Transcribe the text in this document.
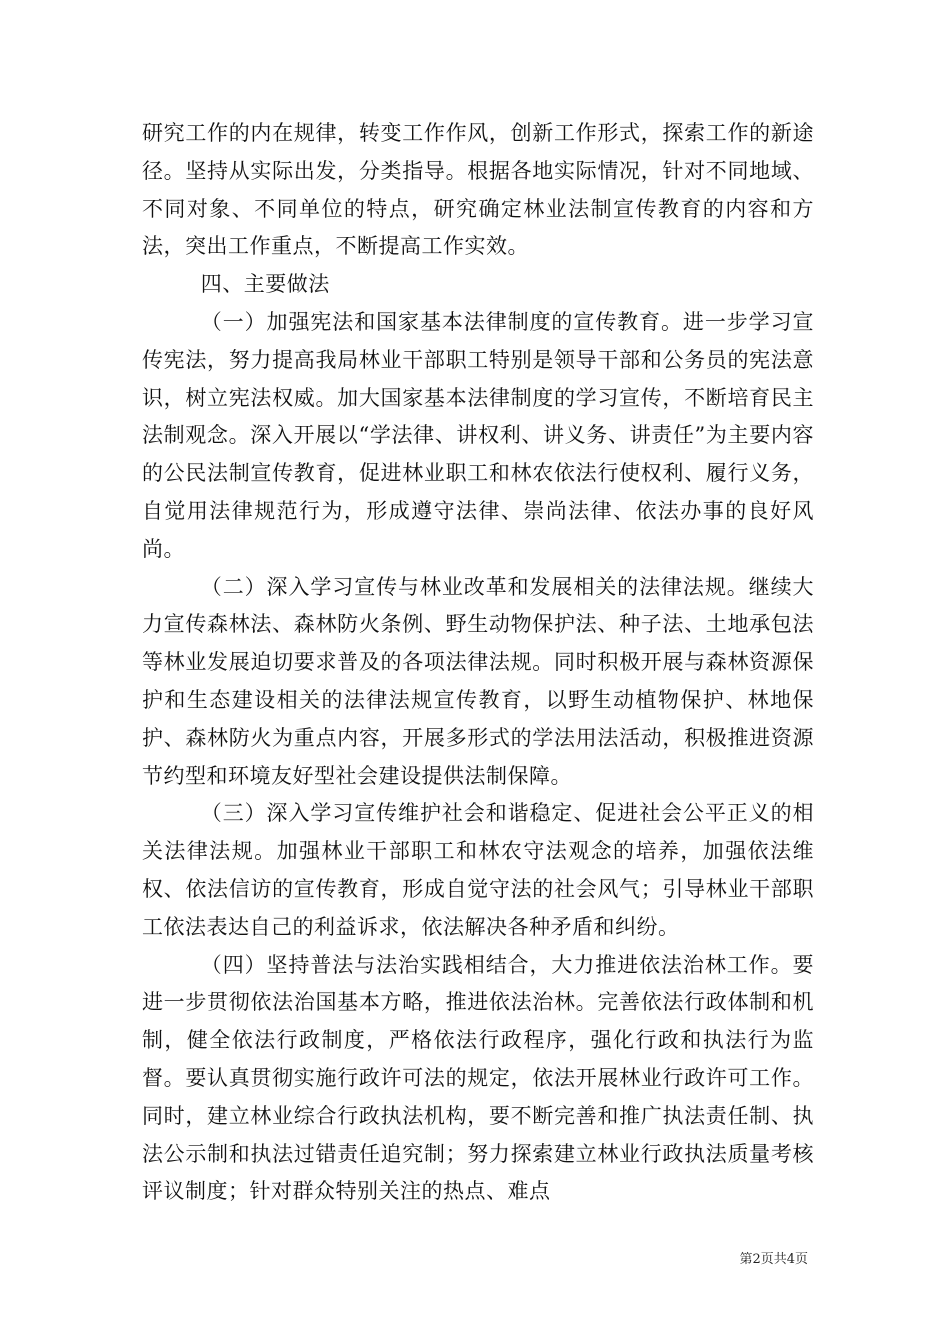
研究工作的内在规律，转变工作作风，创新工作形式，探索工作的新途径。坚持从实际出发，分类指导。根据各地实际情况，针对不同地域、不同对象、不同单位的特点，研究确定林业法制宣传教育的内容和方法，突出工作重点，不断提高工作实效。

四、主要做法

（一）加强宪法和国家基本法律制度的宣传教育。进一步学习宣传宪法，努力提高我局林业干部职工特别是领导干部和公务员的宪法意识，树立宪法权威。加大国家基本法律制度的学习宣传，不断培育民主法制观念。深入开展以“学法律、讲权利、讲义务、讲责任”为主要内容的公民法制宣传教育，促进林业职工和林农依法行使权利、履行义务，自觉用法律规范行为，形成遵守法律、崇尚法律、依法办事的良好风尚。

（二）深入学习宣传与林业改革和发展相关的法律法规。继续大力宣传森林法、森林防火条例、野生动物保护法、种子法、土地承包法等林业发展迫切要求普及的各项法律法规。同时积极开展与森林资源保护和生态建设相关的法律法规宣传教育，以野生动植物保护、林地保护、森林防火为重点内容，开展多形式的学法用法活动，积极推进资源节约型和环境友好型社会建设提供法制保障。

（三）深入学习宣传维护社会和谐稳定、促进社会公平正义的相关法律法规。加强林业干部职工和林农守法观念的培养，加强依法维权、依法信访的宣传教育，形成自觉守法的社会风气；引导林业干部职工依法表达自己的利益诉求，依法解决各种矛盾和纠纷。

（四）坚持普法与法治实践相结合，大力推进依法治林工作。要进一步贯彻依法治国基本方略，推进依法治林。完善依法行政体制和机制，健全依法行政制度，严格依法行政程序，强化行政和执法行为监督。要认真贯彻实施行政许可法的规定，依法开展林业行政许可工作。同时，建立林业综合行政执法机构，要不断完善和推广执法责任制、执法公示制和执法过错责任追究制；努力探索建立林业行政执法质量考核评议制度；针对群众特别关注的热点、难点

第2页共4页
